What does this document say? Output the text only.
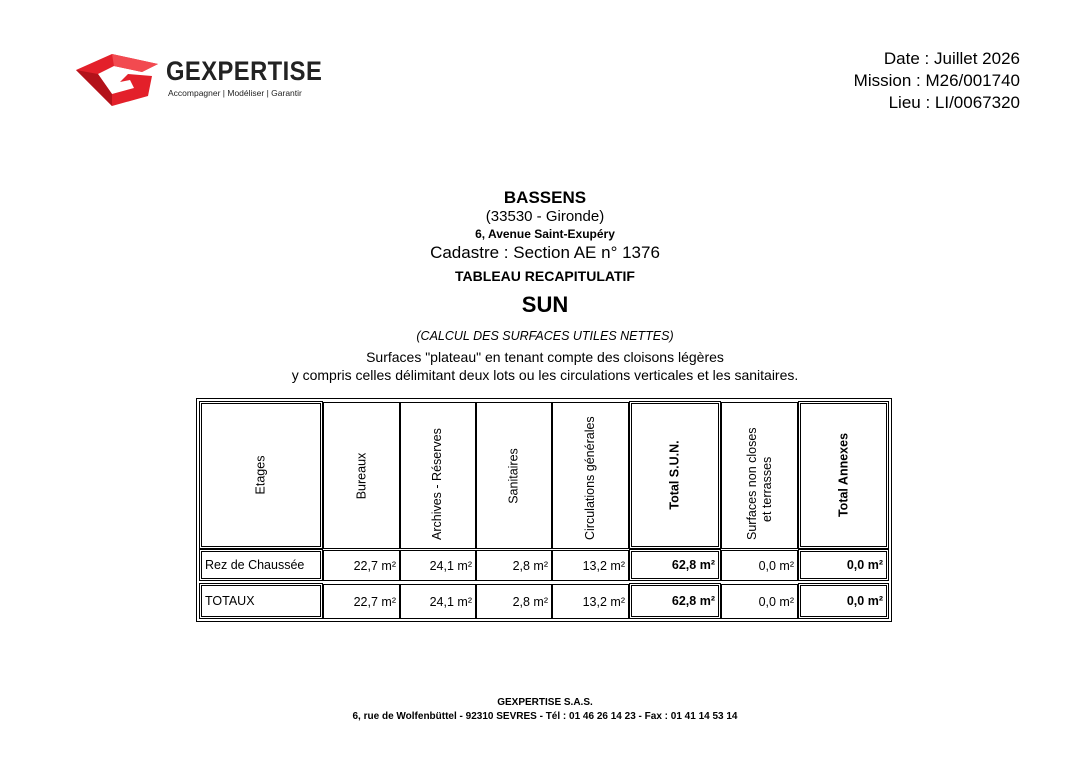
GEXPERTISE
Accompagner | Modéliser | Garantir
Date : Juillet 2026
Mission : M26/001740
Lieu : LI/0067320
BASSENS
(33530 - Gironde)
6, Avenue Saint-Exupéry
Cadastre : Section AE n° 1376
TABLEAU RECAPITULATIF
SUN
(CALCUL DES SURFACES UTILES NETTES)
Surfaces "plateau" en tenant compte des cloisons légères
y compris celles délimitant deux lots ou les circulations verticales et les sanitaires.
Etages	Bureaux	Archives - Réserves	Sanitaires	Circulations générales	Total S.U.N.	Surfaces non closes et terrasses	Total Annexes
Rez de Chaussée	22,7 m²	24,1 m²	2,8 m²	13,2 m²	62,8 m²	0,0 m²	0,0 m²
TOTAUX	22,7 m²	24,1 m²	2,8 m²	13,2 m²	62,8 m²	0,0 m²	0,0 m²
GEXPERTISE S.A.S.
6, rue de Wolfenbüttel - 92310 SEVRES - Tél : 01 46 26 14 23 - Fax : 01 41 14 53 14
